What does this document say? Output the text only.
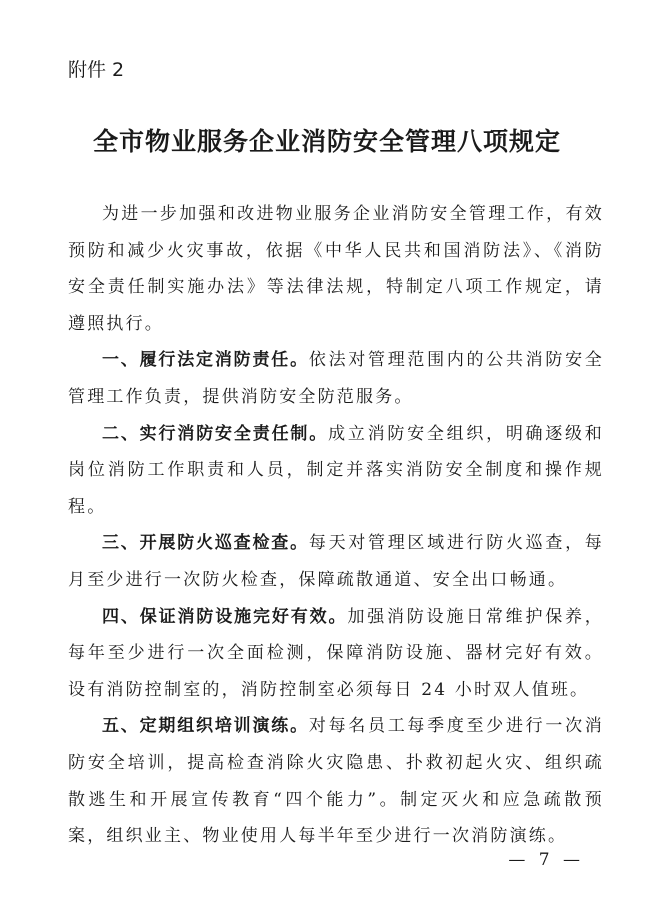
附件 2
全市物业服务企业消防安全管理八项规定

为进一步加强和改进物业服务企业消防安全管理工作，有效预防和减少火灾事故，依据《中华人民共和国消防法》、《消防安全责任制实施办法》等法律法规，特制定八项工作规定，请遵照执行。

一、履行法定消防责任。依法对管理范围内的公共消防安全管理工作负责，提供消防安全防范服务。

二、实行消防安全责任制。成立消防安全组织，明确逐级和岗位消防工作职责和人员，制定并落实消防安全制度和操作规程。

三、开展防火巡查检查。每天对管理区域进行防火巡查，每月至少进行一次防火检查，保障疏散通道、安全出口畅通。

四、保证消防设施完好有效。加强消防设施日常维护保养，每年至少进行一次全面检测，保障消防设施、器材完好有效。设有消防控制室的，消防控制室必须每日 24 小时双人值班。

五、定期组织培训演练。对每名员工每季度至少进行一次消防安全培训，提高检查消除火灾隐患、扑救初起火灾、组织疏散逃生和开展宣传教育“四个能力”。制定灭火和应急疏散预案，组织业主、物业使用人每半年至少进行一次消防演练。

— 7 —
